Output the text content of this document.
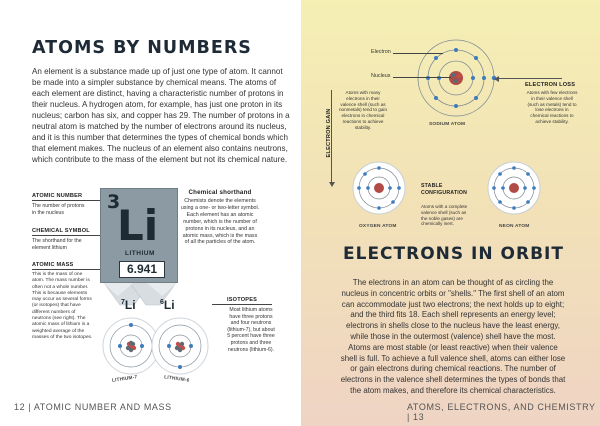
ATOMS BY NUMBERS
An element is a substance made up of just one type of atom. It cannot be made into a simpler substance by chemical means. The atoms of each element are distinct, having a characteristic number of protons in their nucleus. A hydrogen atom, for example, has just one proton in its nucleus; carbon has six, and copper has 29. The number of protons in a neutral atom is matched by the number of electrons around its nucleus, and it is this number that determines the types of chemical bonds which that element makes. The nucleus of an element also contains neutrons, which contribute to the mass of the element but not its chemical nature.
ATOMIC NUMBER
The number of protons in the nucleus
CHEMICAL SYMBOL
The shorthand for the element lithium
ATOMIC MASS
This is the mass of one atom. The mass number is often not a whole number. This is because elements may occur as several forms (or isotopes) that have different numbers of neutrons (see right). The atomic mass of lithium is a weighted average of the masses of the two isotopes.
3
Li
LITHIUM
6.941
Chemical shorthand
Chemists denote the elements using a one- or two-letter symbol. Each element has an atomic number, which is the number of protons in its nucleus, and an atomic mass, which is the mass of all the particles of the atom.
$^7$Li
LITHIUM-7
$^6$Li
LITHIUM-6
ISOTOPES
Most lithium atoms have three protons and four neutrons (lithium-7), but about 5 percent have three protons and three neutrons (lithium-6).
12 | ATOMIC NUMBER AND MASS
Electron
Nucleus
SODIUM ATOM
ELECTRON LOSS
Atoms with few electrons in their valence shell (such as metals) tend to lose electrons in chemical reactions to achieve stability.
ELECTRON GAIN
Atoms with many electrons in their valence shell (such as nonmetals) tend to gain electrons in chemical reactions to achieve stability.
OXYGEN ATOM
STABLE CONFIGURATION
Atoms with a complete valence shell (such as the noble gases) are chemically inert.
NEON ATOM
ELECTRONS IN ORBIT
The electrons in an atom can be thought of as circling the nucleus in concentric orbits or "shells." The first shell of an atom can accommodate just two electrons; the next holds up to eight; and the third fits 18. Each shell represents an energy level; electrons in shells close to the nucleus have the least energy, while those in the outermost (valence) shell have the most. Atoms are most stable (or least reactive) when their valence shell is full. To achieve a full valence shell, atoms can either lose or gain electrons during chemical reactions. The number of electrons in the valence shell determines the types of bonds that the atom makes, and therefore its chemical characteristics.
ATOMS, ELECTRONS, AND CHEMISTRY | 13
